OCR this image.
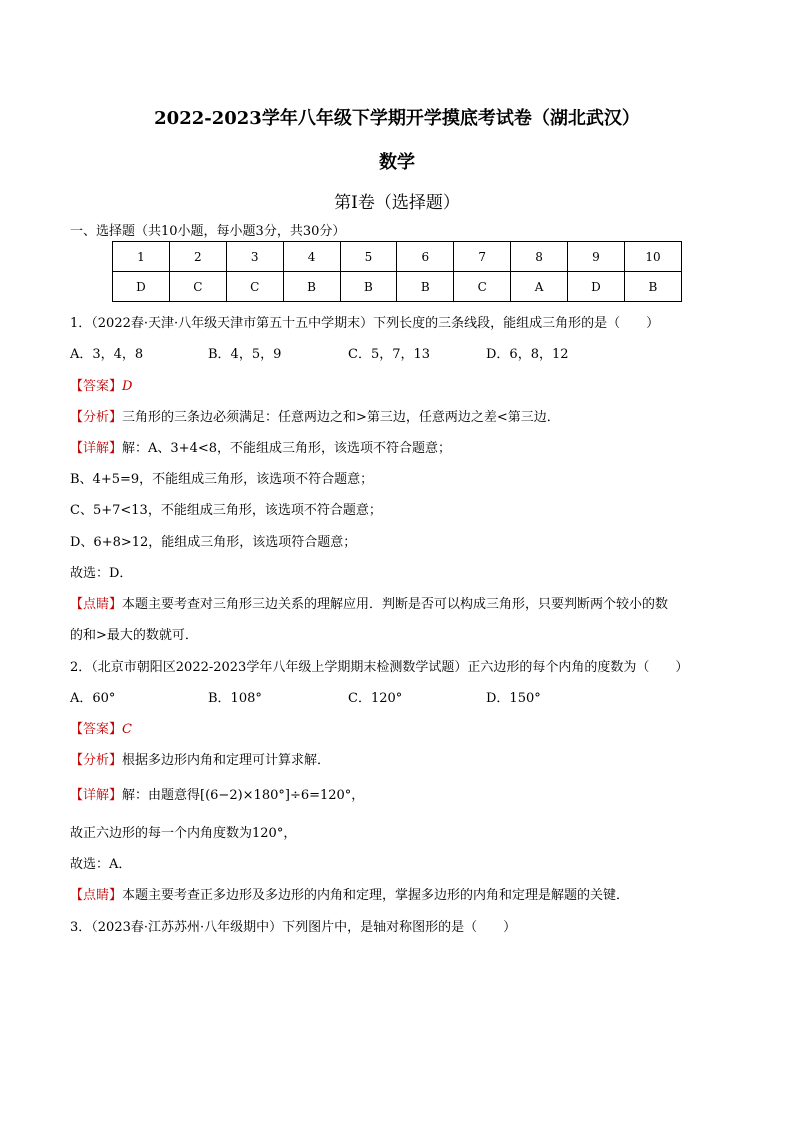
2022-2023学年八年级下学期开学摸底考试卷（湖北武汉）
数学
第Ⅰ卷（选择题）
一、选择题（共10小题，每小题3分，共30分）
1	2	3	4	5	6	7	8	9	10
D	C	C	B	B	B	C	A	D	B
1．（2022春·天津·八年级天津市第五十五中学期末）下列长度的三条线段，能组成三角形的是（　　）
A．3，4，8	B．4，5，9	C．5，7，13	D．6，8，12
【答案】D
【分析】三角形的三条边必须满足：任意两边之和>第三边，任意两边之差<第三边．
【详解】解：A、3+4<8，不能组成三角形，该选项不符合题意；
B、4+5=9，不能组成三角形，该选项不符合题意；
C、5+7<13，不能组成三角形，该选项不符合题意；
D、6+8>12，能组成三角形，该选项符合题意；
故选：D．
【点睛】本题主要考查对三角形三边关系的理解应用．判断是否可以构成三角形，只要判断两个较小的数
的和>最大的数就可．
2．（北京市朝阳区2022-2023学年八年级上学期期末检测数学试题）正六边形的每个内角的度数为（　　）
A．60°	B．108°	C．120°	D．150°
【答案】C
【分析】根据多边形内角和定理可计算求解．
【详解】解：由题意得[(6−2)×180°]÷6=120°，
故正六边形的每一个内角度数为120°，
故选：A．
【点睛】本题主要考查正多边形及多边形的内角和定理，掌握多边形的内角和定理是解题的关键．
3．（2023春·江苏苏州·八年级期中）下列图片中，是轴对称图形的是（　　）
